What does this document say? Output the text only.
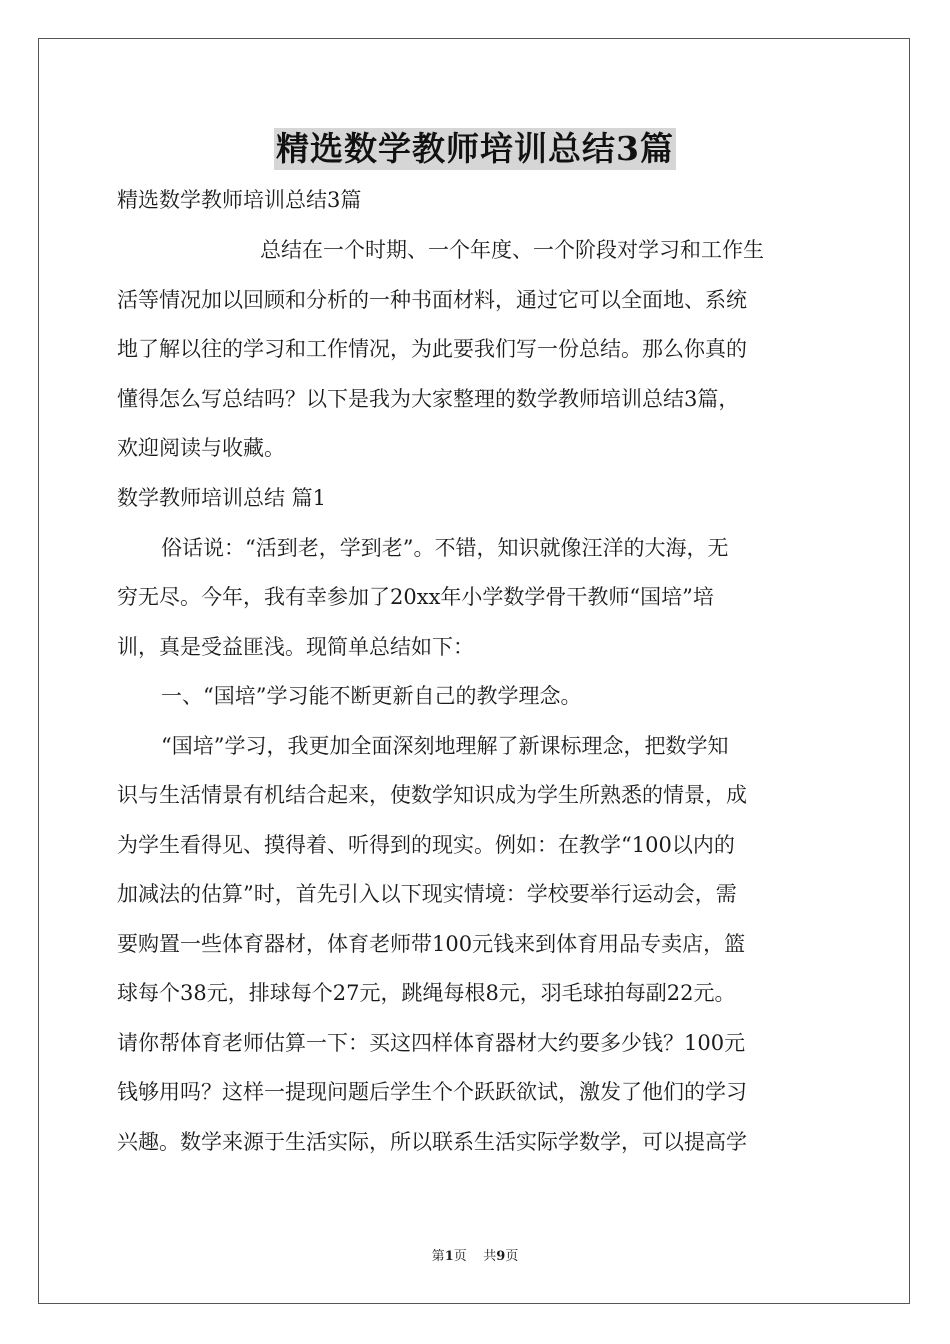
精选数学教师培训总结3篇
精选数学教师培训总结3篇
总结在一个时期、一个年度、一个阶段对学习和工作生
活等情况加以回顾和分析的一种书面材料，通过它可以全面地、系统
地了解以往的学习和工作情况，为此要我们写一份总结。那么你真的
懂得怎么写总结吗？以下是我为大家整理的数学教师培训总结3篇，
欢迎阅读与收藏。
数学教师培训总结 篇1
俗话说：“活到老，学到老”。不错，知识就像汪洋的大海，无
穷无尽。今年，我有幸参加了20xx年小学数学骨干教师“国培”培
训，真是受益匪浅。现简单总结如下：
一、“国培”学习能不断更新自己的教学理念。
“国培”学习，我更加全面深刻地理解了新课标理念，把数学知
识与生活情景有机结合起来，使数学知识成为学生所熟悉的情景，成
为学生看得见、摸得着、听得到的现实。例如：在教学“100以内的
加减法的估算”时，首先引入以下现实情境：学校要举行运动会，需
要购置一些体育器材，体育老师带100元钱来到体育用品专卖店，篮
球每个38元，排球每个27元，跳绳每根8元，羽毛球拍每副22元。
请你帮体育老师估算一下：买这四样体育器材大约要多少钱？100元
钱够用吗？这样一提现问题后学生个个跃跃欲试，激发了他们的学习
兴趣。数学来源于生活实际，所以联系生活实际学数学，可以提高学
第1页    共9页
